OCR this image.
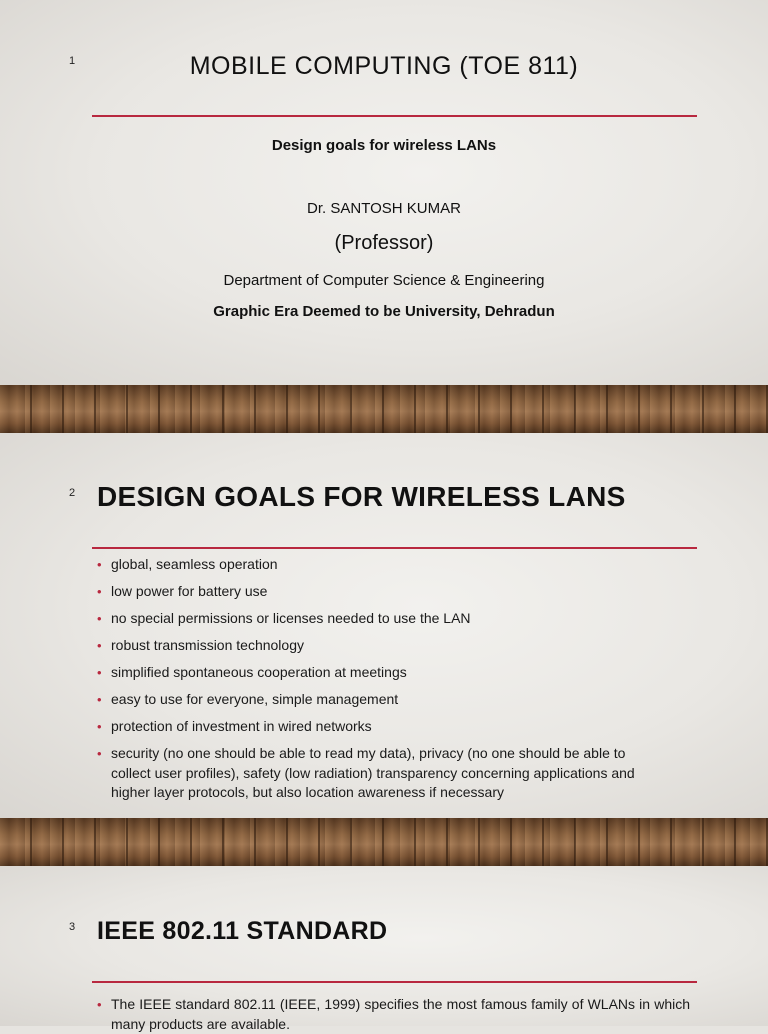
1	MOBILE COMPUTING (TOE 811)
Design goals for wireless LANs
Dr. SANTOSH KUMAR
(Professor)
Department of Computer Science & Engineering
Graphic Era Deemed to be University, Dehradun
2 DESIGN GOALS FOR WIRELESS LANS
• global, seamless operation
• low power for battery use
• no special permissions or licenses needed to use the LAN
• robust transmission technology
• simplified spontaneous cooperation at meetings
• easy to use for everyone, simple management
• protection of investment in wired networks
• security (no one should be able to read my data), privacy (no one should be able to collect user profiles), safety (low radiation) transparency concerning applications and higher layer protocols, but also location awareness if necessary
3 IEEE 802.11 STANDARD
• The IEEE standard 802.11 (IEEE, 1999) specifies the most famous family of WLANs in which many products are available.
